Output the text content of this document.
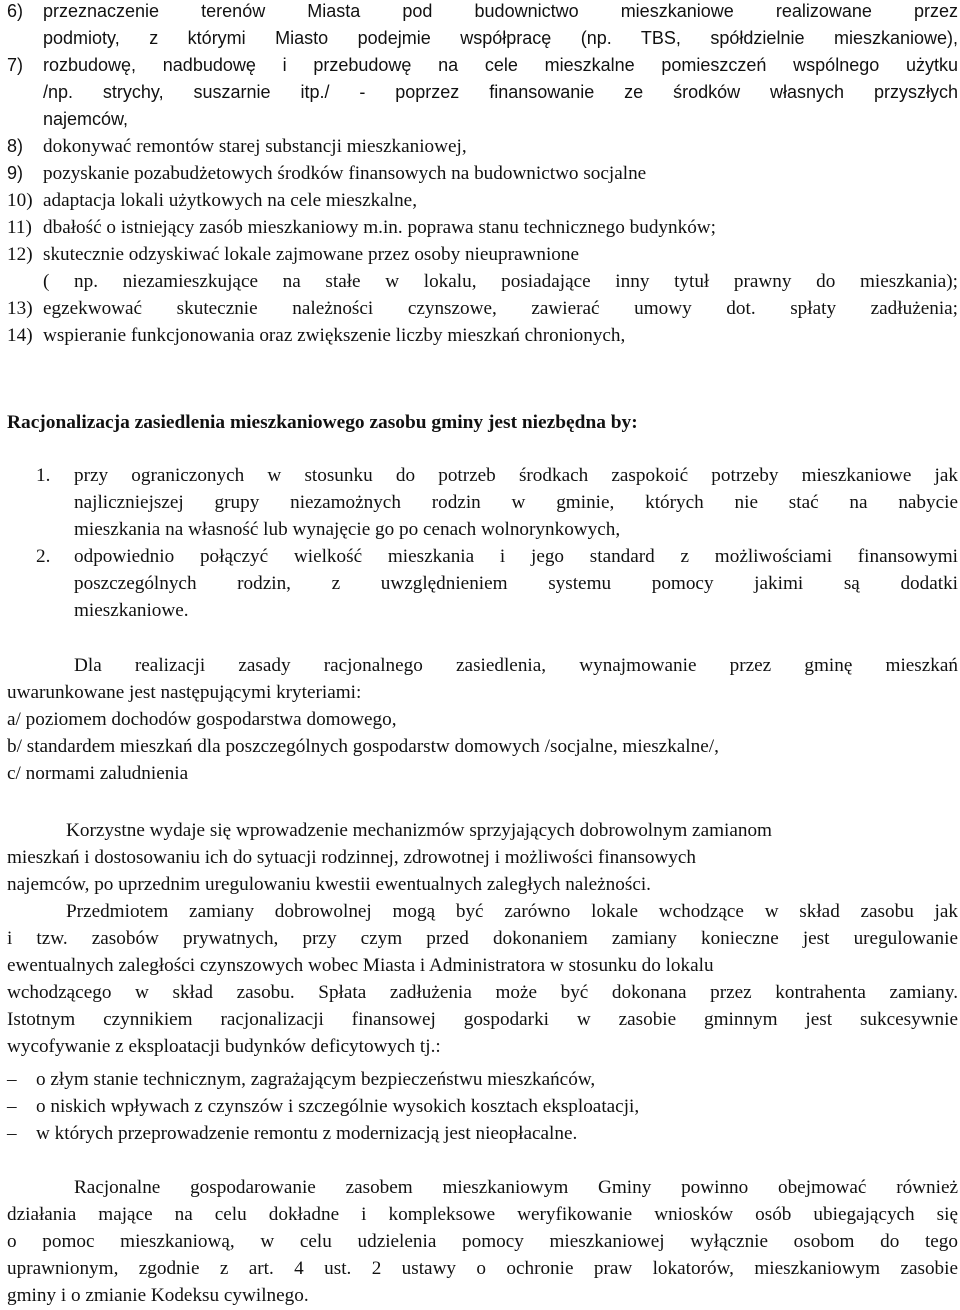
6) przeznaczenie terenów Miasta pod budownictwo mieszkaniowe realizowane przez
podmioty, z którymi Miasto podejmie współpracę (np. TBS, spółdzielnie mieszkaniowe),
7) rozbudowę, nadbudowę i przebudowę na cele mieszkalne pomieszczeń wspólnego użytku
/np. strychy, suszarnie itp./ - poprzez finansowanie ze środków własnych przyszłych
najemców,
8) dokonywać remontów starej substancji mieszkaniowej,
9) pozyskanie pozabudżetowych środków finansowych na budownictwo socjalne
10) adaptacja lokali użytkowych na cele mieszkalne,
11) dbałość o istniejący zasób mieszkaniowy m.in. poprawa stanu technicznego budynków;
12) skutecznie odzyskiwać lokale zajmowane przez osoby nieuprawnione
( np. niezamieszkujące na stałe w lokalu, posiadające inny tytuł prawny do mieszkania);
13) egzekwować skutecznie należności czynszowe, zawierać umowy dot. spłaty zadłużenia;
14) wspieranie funkcjonowania oraz zwiększenie liczby mieszkań chronionych,
Racjonalizacja zasiedlenia mieszkaniowego zasobu gminy jest niezbędna by:
1. przy ograniczonych w stosunku do potrzeb środkach zaspokoić potrzeby mieszkaniowe jak
najliczniejszej grupy niezamożnych rodzin w gminie, których nie stać na nabycie
mieszkania na własność lub wynajęcie go po cenach wolnorynkowych,
2. odpowiednio połączyć wielkość mieszkania i jego standard z możliwościami finansowymi
poszczególnych rodzin, z uwzględnieniem systemu pomocy jakimi są dodatki
mieszkaniowe.
Dla realizacji zasady racjonalnego zasiedlenia, wynajmowanie przez gminę mieszkań
uwarunkowane jest następującymi kryteriami:
a/ poziomem dochodów gospodarstwa domowego,
b/ standardem mieszkań dla poszczególnych gospodarstw domowych /socjalne, mieszkalne/,
c/ normami zaludnienia
Korzystne wydaje się wprowadzenie mechanizmów sprzyjających dobrowolnym zamianom
mieszkań i dostosowaniu ich do sytuacji rodzinnej, zdrowotnej i możliwości finansowych
najemców, po uprzednim uregulowaniu kwestii ewentualnych zaległych należności.
Przedmiotem zamiany dobrowolnej mogą być zarówno lokale wchodzące w skład zasobu jak
i tzw. zasobów prywatnych, przy czym przed dokonaniem zamiany konieczne jest uregulowanie
ewentualnych zaległości czynszowych wobec Miasta i Administratora w stosunku do lokalu
wchodzącego w skład zasobu. Spłata zadłużenia może być dokonana przez kontrahenta zamiany.
Istotnym czynnikiem racjonalizacji finansowej gospodarki w zasobie gminnym jest sukcesywnie
wycofywanie z eksploatacji budynków deficytowych tj.:
– o złym stanie technicznym, zagrażającym bezpieczeństwu mieszkańców,
– o niskich wpływach z czynszów i szczególnie wysokich kosztach eksploatacji,
– w których przeprowadzenie remontu z modernizacją jest nieopłacalne.
Racjonalne gospodarowanie zasobem mieszkaniowym Gminy powinno obejmować również
działania mające na celu dokładne i kompleksowe weryfikowanie wniosków osób ubiegających się
o pomoc mieszkaniową, w celu udzielenia pomocy mieszkaniowej wyłącznie osobom do tego
uprawnionym, zgodnie z art. 4 ust. 2 ustawy o ochronie praw lokatorów, mieszkaniowym zasobie
gminy i o zmianie Kodeksu cywilnego.
